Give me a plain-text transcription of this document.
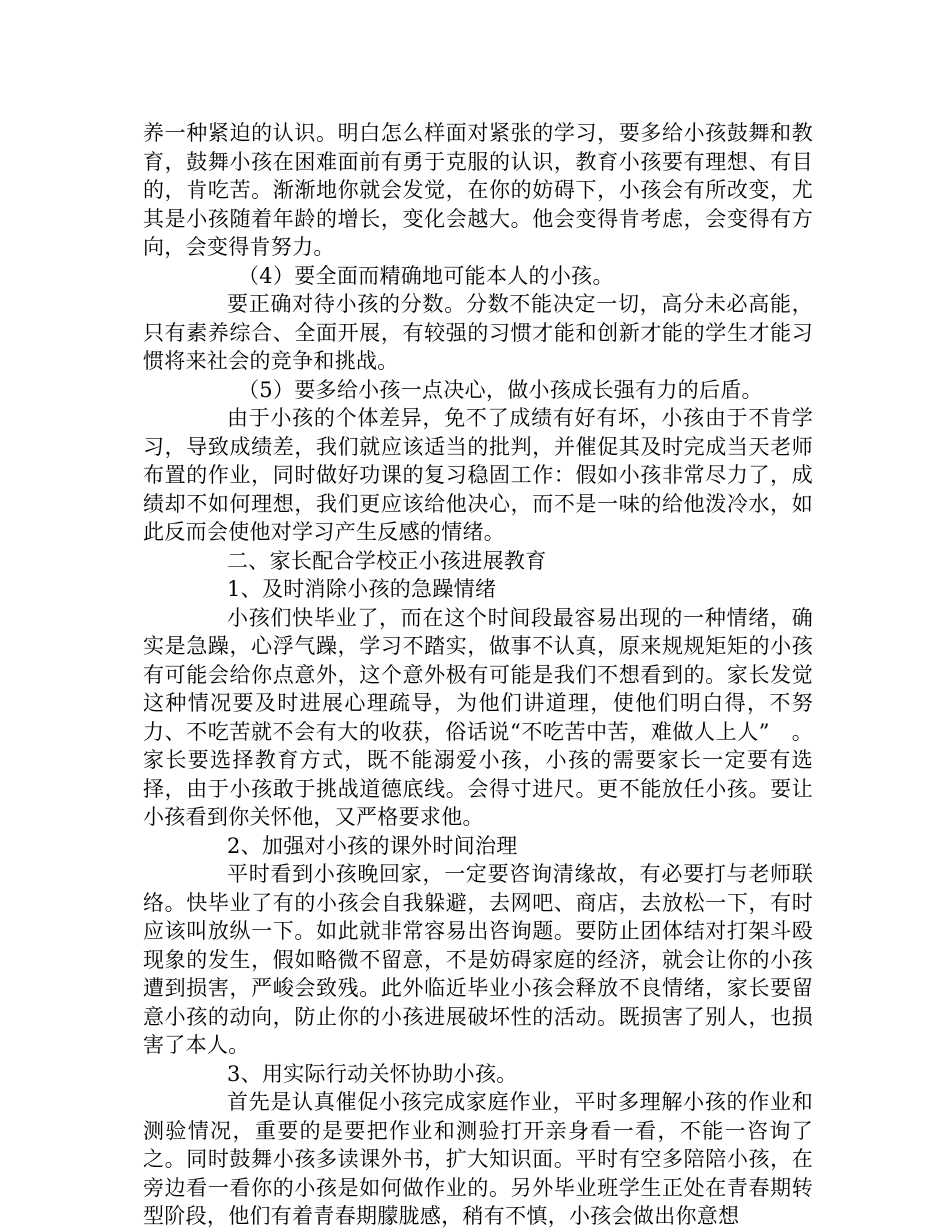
养一种紧迫的认识。明白怎么样面对紧张的学习，要多给小孩鼓舞和教育，鼓舞小孩在困难面前有勇于克服的认识，教育小孩要有理想、有目的，肯吃苦。渐渐地你就会发觉，在你的妨碍下，小孩会有所改变，尤其是小孩随着年龄的增长，变化会越大。他会变得肯考虑，会变得有方向，会变得肯努力。

（4）要全面而精确地可能本人的小孩。

要正确对待小孩的分数。分数不能决定一切，高分未必高能，只有素养综合、全面开展，有较强的习惯才能和创新才能的学生才能习惯将来社会的竞争和挑战。

（5）要多给小孩一点决心，做小孩成长强有力的后盾。

由于小孩的个体差异，免不了成绩有好有坏，小孩由于不肯学习，导致成绩差，我们就应该适当的批判，并催促其及时完成当天老师布置的作业，同时做好功课的复习稳固工作：假如小孩非常尽力了，成绩却不如何理想，我们更应该给他决心，而不是一味的给他泼冷水，如此反而会使他对学习产生反感的情绪。

二、家长配合学校正小孩进展教育

1、及时消除小孩的急躁情绪

小孩们快毕业了，而在这个时间段最容易出现的一种情绪，确实是急躁，心浮气躁，学习不踏实，做事不认真，原来规规矩矩的小孩有可能会给你点意外，这个意外极有可能是我们不想看到的。家长发觉这种情况要及时进展心理疏导，为他们讲道理，使他们明白得，不努力、不吃苦就不会有大的收获，俗话说“不吃苦中苦，难做人上人”　。家长要选择教育方式，既不能溺爱小孩，小孩的需要家长一定要有选择，由于小孩敢于挑战道德底线。会得寸进尺。更不能放任小孩。要让小孩看到你关怀他，又严格要求他。

2、加强对小孩的课外时间治理

平时看到小孩晚回家，一定要咨询清缘故，有必要打与老师联络。快毕业了有的小孩会自我躲避，去网吧、商店，去放松一下，有时应该叫放纵一下。如此就非常容易出咨询题。要防止团体结对打架斗殴现象的发生，假如略微不留意，不是妨碍家庭的经济，就会让你的小孩遭到损害，严峻会致残。此外临近毕业小孩会释放不良情绪，家长要留意小孩的动向，防止你的小孩进展破坏性的活动。既损害了别人，也损害了本人。

3、用实际行动关怀协助小孩。

首先是认真催促小孩完成家庭作业，平时多理解小孩的作业和测验情况，重要的是要把作业和测验打开亲身看一看，不能一咨询了之。同时鼓舞小孩多读课外书，扩大知识面。平时有空多陪陪小孩，在旁边看一看你的小孩是如何做作业的。另外毕业班学生正处在青春期转型阶段，他们有着青春期朦胧感，稍有不慎，小孩会做出你意想
